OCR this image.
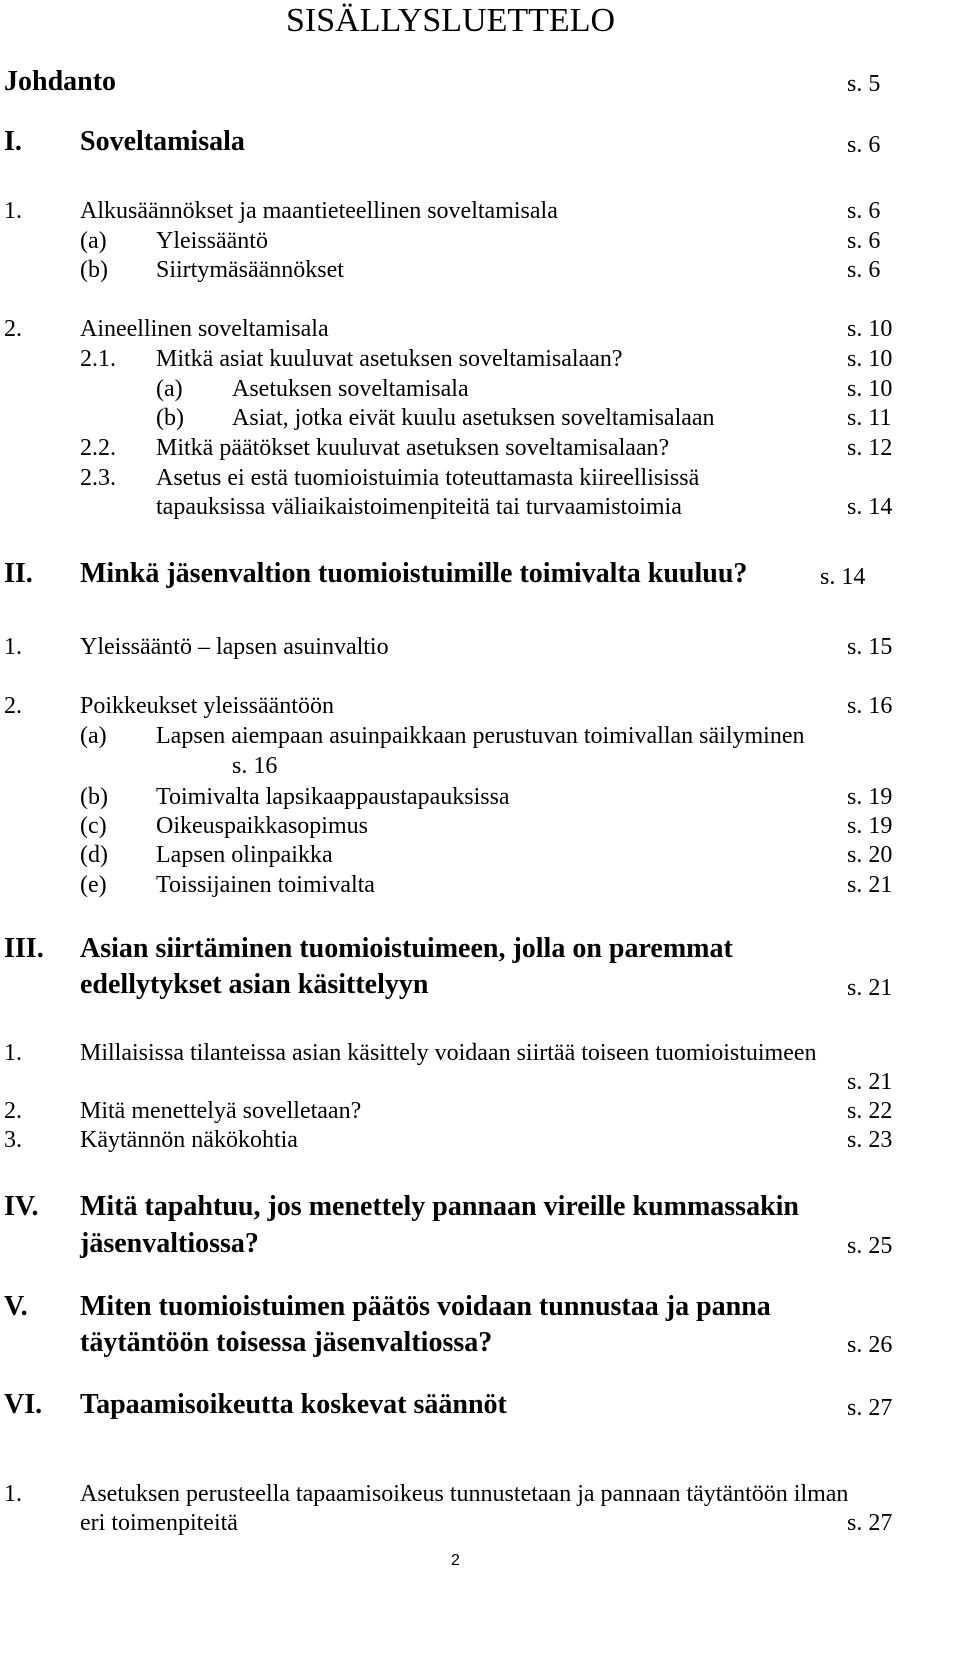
SISÄLLYSLUETTELO
Johdanto	s. 5
I. Soveltamisala	s. 6
1. Alkusäännökset ja maantieteellinen soveltamisala	s. 6
(a) Yleissääntö	s. 6
(b) Siirtymäsäännökset	s. 6
2. Aineellinen soveltamisala	s. 10
2.1. Mitkä asiat kuuluvat asetuksen soveltamisalaan?	s. 10
(a) Asetuksen soveltamisala	s. 10
(b) Asiat, jotka eivät kuulu asetuksen soveltamisalaan	s. 11
2.2. Mitkä päätökset kuuluvat asetuksen soveltamisalaan?	s. 12
2.3. Asetus ei estä tuomioistuimia toteuttamasta kiireellisissä
tapauksissa väliaikaistoimenpiteitä tai turvaamistoimia	s. 14
II. Minkä jäsenvaltion tuomioistuimille toimivalta kuuluu?	s. 14
1. Yleissääntö – lapsen asuinvaltio	s. 15
2. Poikkeukset yleissääntöön	s. 16
(a) Lapsen aiempaan asuinpaikkaan perustuvan toimivallan säilyminen
s. 16
(b) Toimivalta lapsikaappaustapauksissa	s. 19
(c) Oikeuspaikkasopimus	s. 19
(d) Lapsen olinpaikka	s. 20
(e) Toissijainen toimivalta	s. 21
III. Asian siirtäminen tuomioistuimeen, jolla on paremmat
edellytykset asian käsittelyyn	s. 21
1. Millaisissa tilanteissa asian käsittely voidaan siirtää toiseen tuomioistuimeen
s. 21
2. Mitä menettelyä sovelletaan?	s. 22
3. Käytännön näkökohtia	s. 23
IV. Mitä tapahtuu, jos menettely pannaan vireille kummassakin
jäsenvaltiossa?	s. 25
V. Miten tuomioistuimen päätös voidaan tunnustaa ja panna
täytäntöön toisessa jäsenvaltiossa?	s. 26
VI. Tapaamisoikeutta koskevat säännöt	s. 27
1. Asetuksen perusteella tapaamisoikeus tunnustetaan ja pannaan täytäntöön ilman
eri toimenpiteitä	s. 27
2
